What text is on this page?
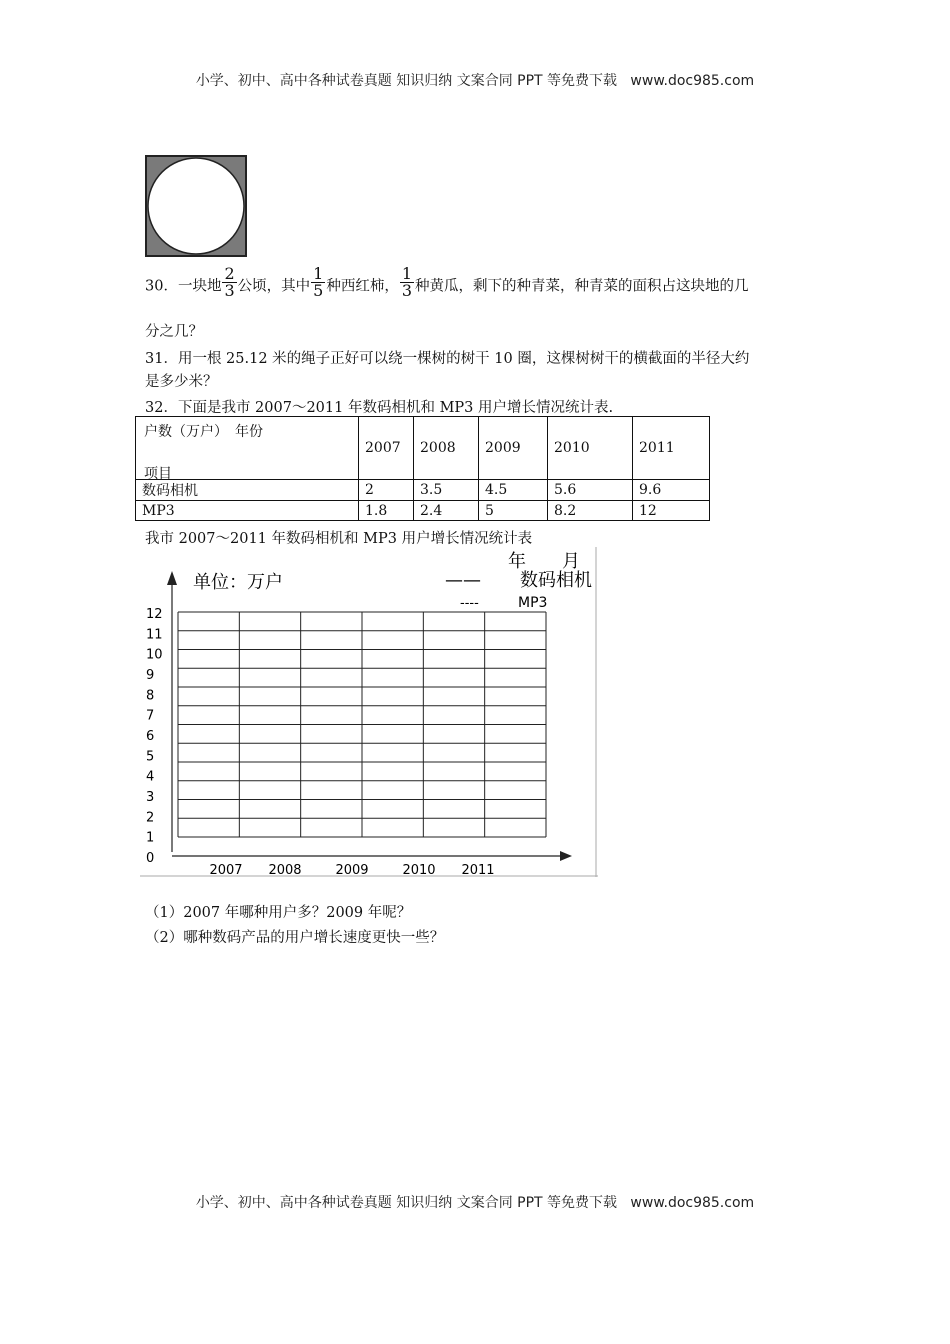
小学、初中、高中各种试卷真题 知识归纳 文案合同 PPT 等免费下载 www.doc985.com
30．一块地 $\frac{2}{3}$ 公顷，其中 $\frac{1}{5}$ 种西红柿， $\frac{1}{3}$ 种黄瓜，剩下的种青菜，种青菜的面积占这块地的几
分之几？
31．用一根 25.12 米的绳子正好可以绕一棵树的树干 10 圈，这棵树树干的横截面的半径大约
是多少米？
32．下面是我市 2007～2011 年数码相机和 MP3 用户增长情况统计表.
户数（万户）　年份
项目	2007	2008	2009	2010	2011
数码相机	2	3.5	4.5	5.6	9.6
MP3	1.8	2.4	5	8.2	12
我市 2007～2011 年数码相机和 MP3 用户增长情况统计表
年　　月
单位：万户	—— 数码相机
----	MP3
0
1
2
3
4
5
6
7
8
9
10
11
12
2007 2008	2009	2010 2011
（1）2007 年哪种用户多？2009 年呢？
（2）哪种数码产品的用户增长速度更快一些？
小学、初中、高中各种试卷真题 知识归纳 文案合同 PPT 等免费下载 www.doc985.com
